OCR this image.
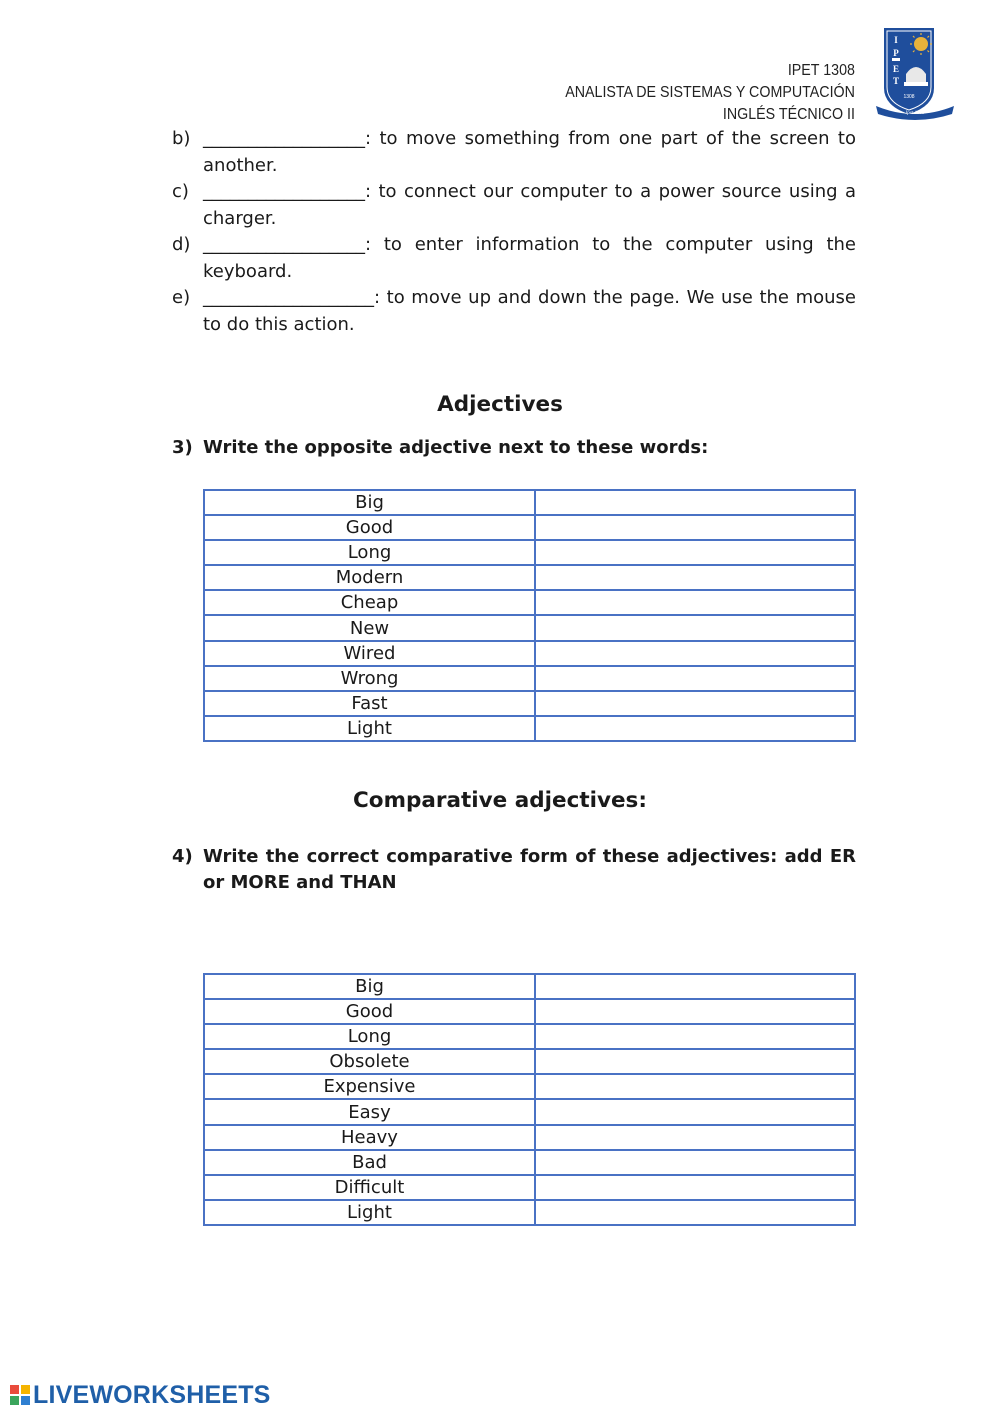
IPET 1308
ANALISTA DE SISTEMAS Y COMPUTACIÓN
INGLÉS TÉCNICO II
I
P
E
T
1308
Ipet 1308
b) __________________: to move something from one part of the screen to another.
c) __________________: to connect our computer to a power source using a charger.
d) __________________: to enter information to the computer using the keyboard.
e) ___________________: to move up and down the page. We use the mouse to do this action.
Adjectives
3) Write the opposite adjective next to these words:
Big	
Good	
Long	
Modern	
Cheap	
New	
Wired	
Wrong	
Fast	
Light	
Comparative adjectives:
4) Write the correct comparative form of these adjectives: add ER or MORE and THAN
Big	
Good	
Long	
Obsolete	
Expensive	
Easy	
Heavy	
Bad	
Difficult	
Light	
LIVEWORKSHEETS
